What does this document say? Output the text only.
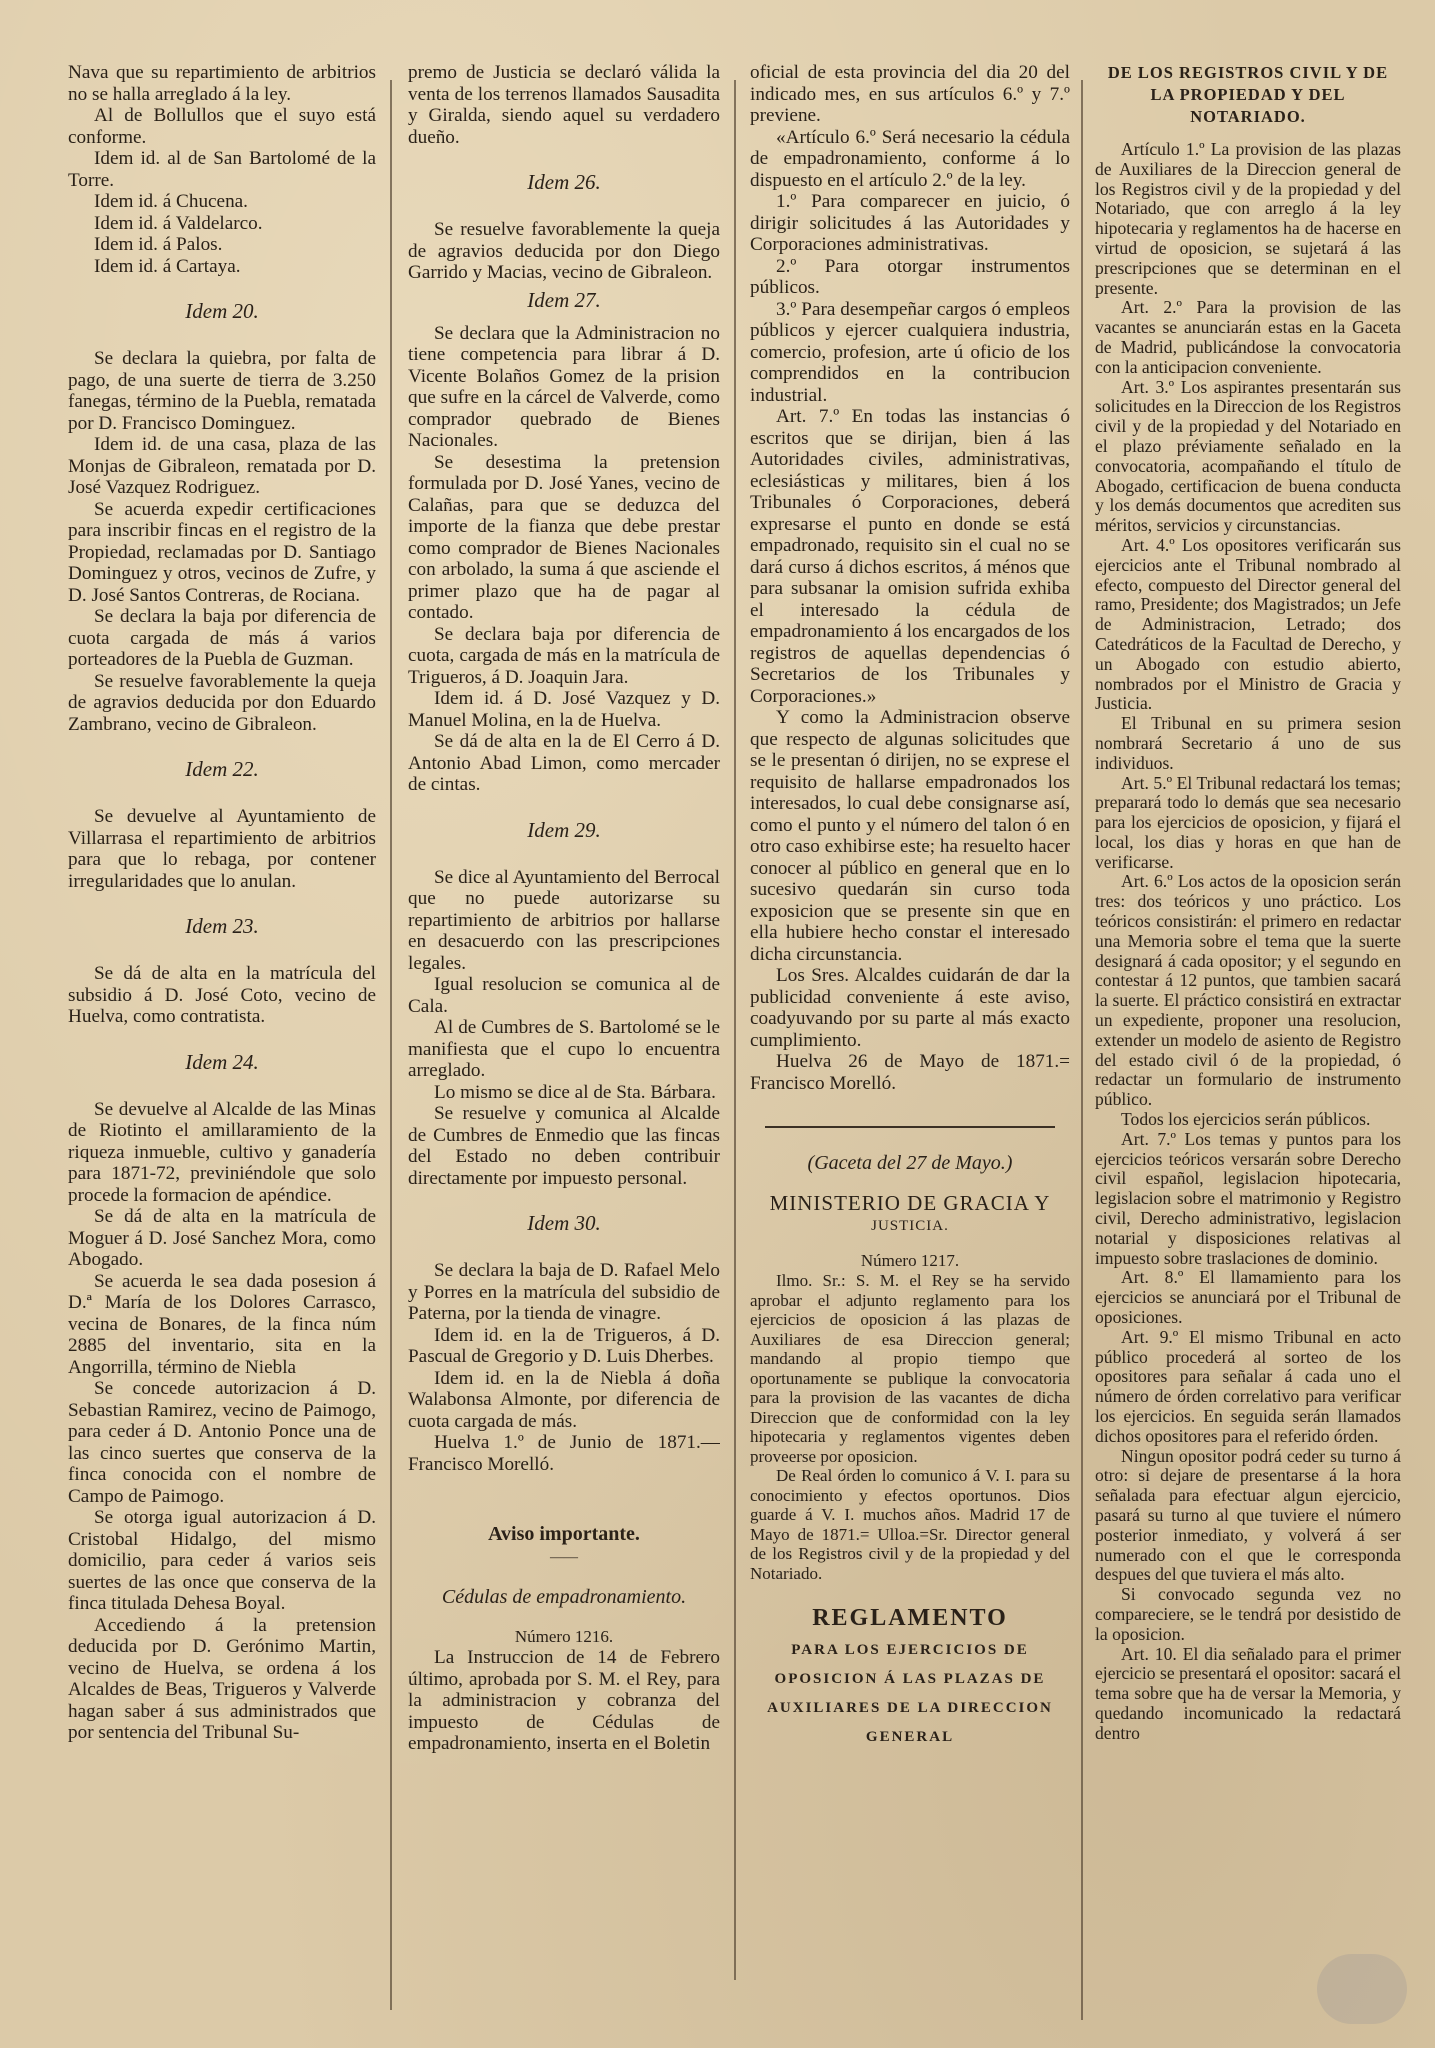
Nava que su repartimiento de arbitrios no se halla arreglado á la ley.

Al de Bollullos que el suyo está conforme.

Idem id. al de San Bartolomé de la Torre.

Idem id. á Chucena.

Idem id. á Valdelarco.

Idem id. á Palos.

Idem id. á Cartaya.

Idem 20.

Se declara la quiebra, por falta de pago, de una suerte de tierra de 3.250 fanegas, término de la Puebla, rematada por D. Francisco Dominguez.

Idem id. de una casa, plaza de las Monjas de Gibraleon, rematada por D. José Vazquez Rodriguez.

Se acuerda expedir certificaciones para inscribir fincas en el registro de la Propiedad, reclamadas por D. Santiago Dominguez y otros, vecinos de Zufre, y D. José Santos Contreras, de Rociana.

Se declara la baja por diferencia de cuota cargada de más á varios porteadores de la Puebla de Guzman.

Se resuelve favorablemente la queja de agravios deducida por don Eduardo Zambrano, vecino de Gibraleon.

Idem 22.

Se devuelve al Ayuntamiento de Villarrasa el repartimiento de arbitrios para que lo rebaga, por contener irregularidades que lo anulan.

Idem 23.

Se dá de alta en la matrícula del subsidio á D. José Coto, vecino de Huelva, como contratista.

Idem 24.

Se devuelve al Alcalde de las Minas de Riotinto el amillaramiento de la riqueza inmueble, cultivo y ganadería para 1871-72, previniéndole que solo procede la formacion de apéndice.

Se dá de alta en la matrícula de Moguer á D. José Sanchez Mora, como Abogado.

Se acuerda le sea dada posesion á D.ª María de los Dolores Carrasco, vecina de Bonares, de la finca núm 2885 del inventario, sita en la Angorrilla, término de Niebla

Se concede autorizacion á D. Sebastian Ramirez, vecino de Paimogo, para ceder á D. Antonio Ponce una de las cinco suertes que conserva de la finca conocida con el nombre de Campo de Paimogo.

Se otorga igual autorizacion á D. Cristobal Hidalgo, del mismo domicilio, para ceder á varios seis suertes de las once que conserva de la finca titulada Dehesa Boyal.

Accediendo á la pretension deducida por D. Gerónimo Martin, vecino de Huelva, se ordena á los Alcaldes de Beas, Trigueros y Valverde hagan saber á sus administrados que por sentencia del Tribunal Su-

premo de Justicia se declaró válida la venta de los terrenos llamados Sausadita y Giralda, siendo aquel su verdadero dueño.

Idem 26.

Se resuelve favorablemente la queja de agravios deducida por don Diego Garrido y Macias, vecino de Gibraleon.

Idem 27.

Se declara que la Administracion no tiene competencia para librar á D. Vicente Bolaños Gomez de la prision que sufre en la cárcel de Valverde, como comprador quebrado de Bienes Nacionales.

Se desestima la pretension formulada por D. José Yanes, vecino de Calañas, para que se deduzca del importe de la fianza que debe prestar como comprador de Bienes Nacionales con arbolado, la suma á que asciende el primer plazo que ha de pagar al contado.

Se declara baja por diferencia de cuota, cargada de más en la matrícula de Trigueros, á D. Joaquin Jara.

Idem id. á D. José Vazquez y D. Manuel Molina, en la de Huelva.

Se dá de alta en la de El Cerro á D. Antonio Abad Limon, como mercader de cintas.

Idem 29.

Se dice al Ayuntamiento del Berrocal que no puede autorizarse su repartimiento de arbitrios por hallarse en desacuerdo con las prescripciones legales.

Igual resolucion se comunica al de Cala.

Al de Cumbres de S. Bartolomé se le manifiesta que el cupo lo encuentra arreglado.

Lo mismo se dice al de Sta. Bárbara.

Se resuelve y comunica al Alcalde de Cumbres de Enmedio que las fincas del Estado no deben contribuir directamente por impuesto personal.

Idem 30.

Se declara la baja de D. Rafael Melo y Porres en la matrícula del subsidio de Paterna, por la tienda de vinagre.

Idem id. en la de Trigueros, á D. Pascual de Gregorio y D. Luis Dherbes.

Idem id. en la de Niebla á doña Walabonsa Almonte, por diferencia de cuota cargada de más.

Huelva 1.º de Junio de 1871.— Francisco Morelló.

Aviso importante.
——
Cédulas de empadronamiento.
Número 1216.

La Instruccion de 14 de Febrero último, aprobada por S. M. el Rey, para la administracion y cobranza del impuesto de Cédulas de empadronamiento, inserta en el Boletin

oficial de esta provincia del dia 20 del indicado mes, en sus artículos 6.º y 7.º previene.

«Artículo 6.º Será necesario la cédula de empadronamiento, conforme á lo dispuesto en el artículo 2.º de la ley.

1.º Para comparecer en juicio, ó dirigir solicitudes á las Autoridades y Corporaciones administrativas.

2.º Para otorgar instrumentos públicos.

3.º Para desempeñar cargos ó empleos públicos y ejercer cualquiera industria, comercio, profesion, arte ú oficio de los comprendidos en la contribucion industrial.

Art. 7.º En todas las instancias ó escritos que se dirijan, bien á las Autoridades civiles, administrativas, eclesiásticas y militares, bien á los Tribunales ó Corporaciones, deberá expresarse el punto en donde se está empadronado, requisito sin el cual no se dará curso á dichos escritos, á ménos que para subsanar la omision sufrida exhiba el interesado la cédula de empadronamiento á los encargados de los registros de aquellas dependencias ó Secretarios de los Tribunales y Corporaciones.»

Y como la Administracion observe que respecto de algunas solicitudes que se le presentan ó dirijen, no se exprese el requisito de hallarse empadronados los interesados, lo cual debe consignarse así, como el punto y el número del talon ó en otro caso exhibirse este; ha resuelto hacer conocer al público en general que en lo sucesivo quedarán sin curso toda exposicion que se presente sin que en ella hubiere hecho constar el interesado dicha circunstancia.

Los Sres. Alcaldes cuidarán de dar la publicidad conveniente á este aviso, coadyuvando por su parte al más exacto cumplimiento.

Huelva 26 de Mayo de 1871.= Francisco Morelló.

(Gaceta del 27 de Mayo.)
MINISTERIO DE GRACIA Y
JUSTICIA.
Número 1217.

Ilmo. Sr.: S. M. el Rey se ha servido aprobar el adjunto reglamento para los ejercicios de oposicion á las plazas de Auxiliares de esa Direccion general; mandando al propio tiempo que oportunamente se publique la convocatoria para la provision de las vacantes de dicha Direccion que de conformidad con la ley hipotecaria y reglamentos vigentes deben proveerse por oposicion.

De Real órden lo comunico á V. I. para su conocimiento y efectos oportunos. Dios guarde á V. I. muchos años. Madrid 17 de Mayo de 1871.= Ulloa.=Sr. Director general de los Registros civil y de la propiedad y del Notariado.

REGLAMENTO
PARA LOS EJERCICIOS DE OPOSICION Á LAS PLAZAS DE AUXILIARES DE LA DIRECCION GENERAL
DE LOS REGISTROS CIVIL Y DE LA PROPIEDAD Y DEL NOTARIADO.

Artículo 1.º La provision de las plazas de Auxiliares de la Direccion general de los Registros civil y de la propiedad y del Notariado, que con arreglo á la ley hipotecaria y reglamentos ha de hacerse en virtud de oposicion, se sujetará á las prescripciones que se determinan en el presente.

Art. 2.º Para la provision de las vacantes se anunciarán estas en la Gaceta de Madrid, publicándose la convocatoria con la anticipacion conveniente.

Art. 3.º Los aspirantes presentarán sus solicitudes en la Direccion de los Registros civil y de la propiedad y del Notariado en el plazo préviamente señalado en la convocatoria, acompañando el título de Abogado, certificacion de buena conducta y los demás documentos que acrediten sus méritos, servicios y circunstancias.

Art. 4.º Los opositores verificarán sus ejercicios ante el Tribunal nombrado al efecto, compuesto del Director general del ramo, Presidente; dos Magistrados; un Jefe de Administracion, Letrado; dos Catedráticos de la Facultad de Derecho, y un Abogado con estudio abierto, nombrados por el Ministro de Gracia y Justicia.

El Tribunal en su primera sesion nombrará Secretario á uno de sus individuos.

Art. 5.º El Tribunal redactará los temas; preparará todo lo demás que sea necesario para los ejercicios de oposicion, y fijará el local, los dias y horas en que han de verificarse.

Art. 6.º Los actos de la oposicion serán tres: dos teóricos y uno práctico. Los teóricos consistirán: el primero en redactar una Memoria sobre el tema que la suerte designará á cada opositor; y el segundo en contestar á 12 puntos, que tambien sacará la suerte. El práctico consistirá en extractar un expediente, proponer una resolucion, extender un modelo de asiento de Registro del estado civil ó de la propiedad, ó redactar un formulario de instrumento público.

Todos los ejercicios serán públicos.

Art. 7.º Los temas y puntos para los ejercicios teóricos versarán sobre Derecho civil español, legislacion hipotecaria, legislacion sobre el matrimonio y Registro civil, Derecho administrativo, legislacion notarial y disposiciones relativas al impuesto sobre traslaciones de dominio.

Art. 8.º El llamamiento para los ejercicios se anunciará por el Tribunal de oposiciones.

Art. 9.º El mismo Tribunal en acto público procederá al sorteo de los opositores para señalar á cada uno el número de órden correlativo para verificar los ejercicios. En seguida serán llamados dichos opositores para el referido órden.

Ningun opositor podrá ceder su turno á otro: si dejare de presentarse á la hora señalada para efectuar algun ejercicio, pasará su turno al que tuviere el número posterior inmediato, y volverá á ser numerado con el que le corresponda despues del que tuviera el más alto.

Si convocado segunda vez no compareciere, se le tendrá por desistido de la oposicion.

Art. 10. El dia señalado para el primer ejercicio se presentará el opositor: sacará el tema sobre que ha de versar la Memoria, y quedando incomunicado la redactará dentro
